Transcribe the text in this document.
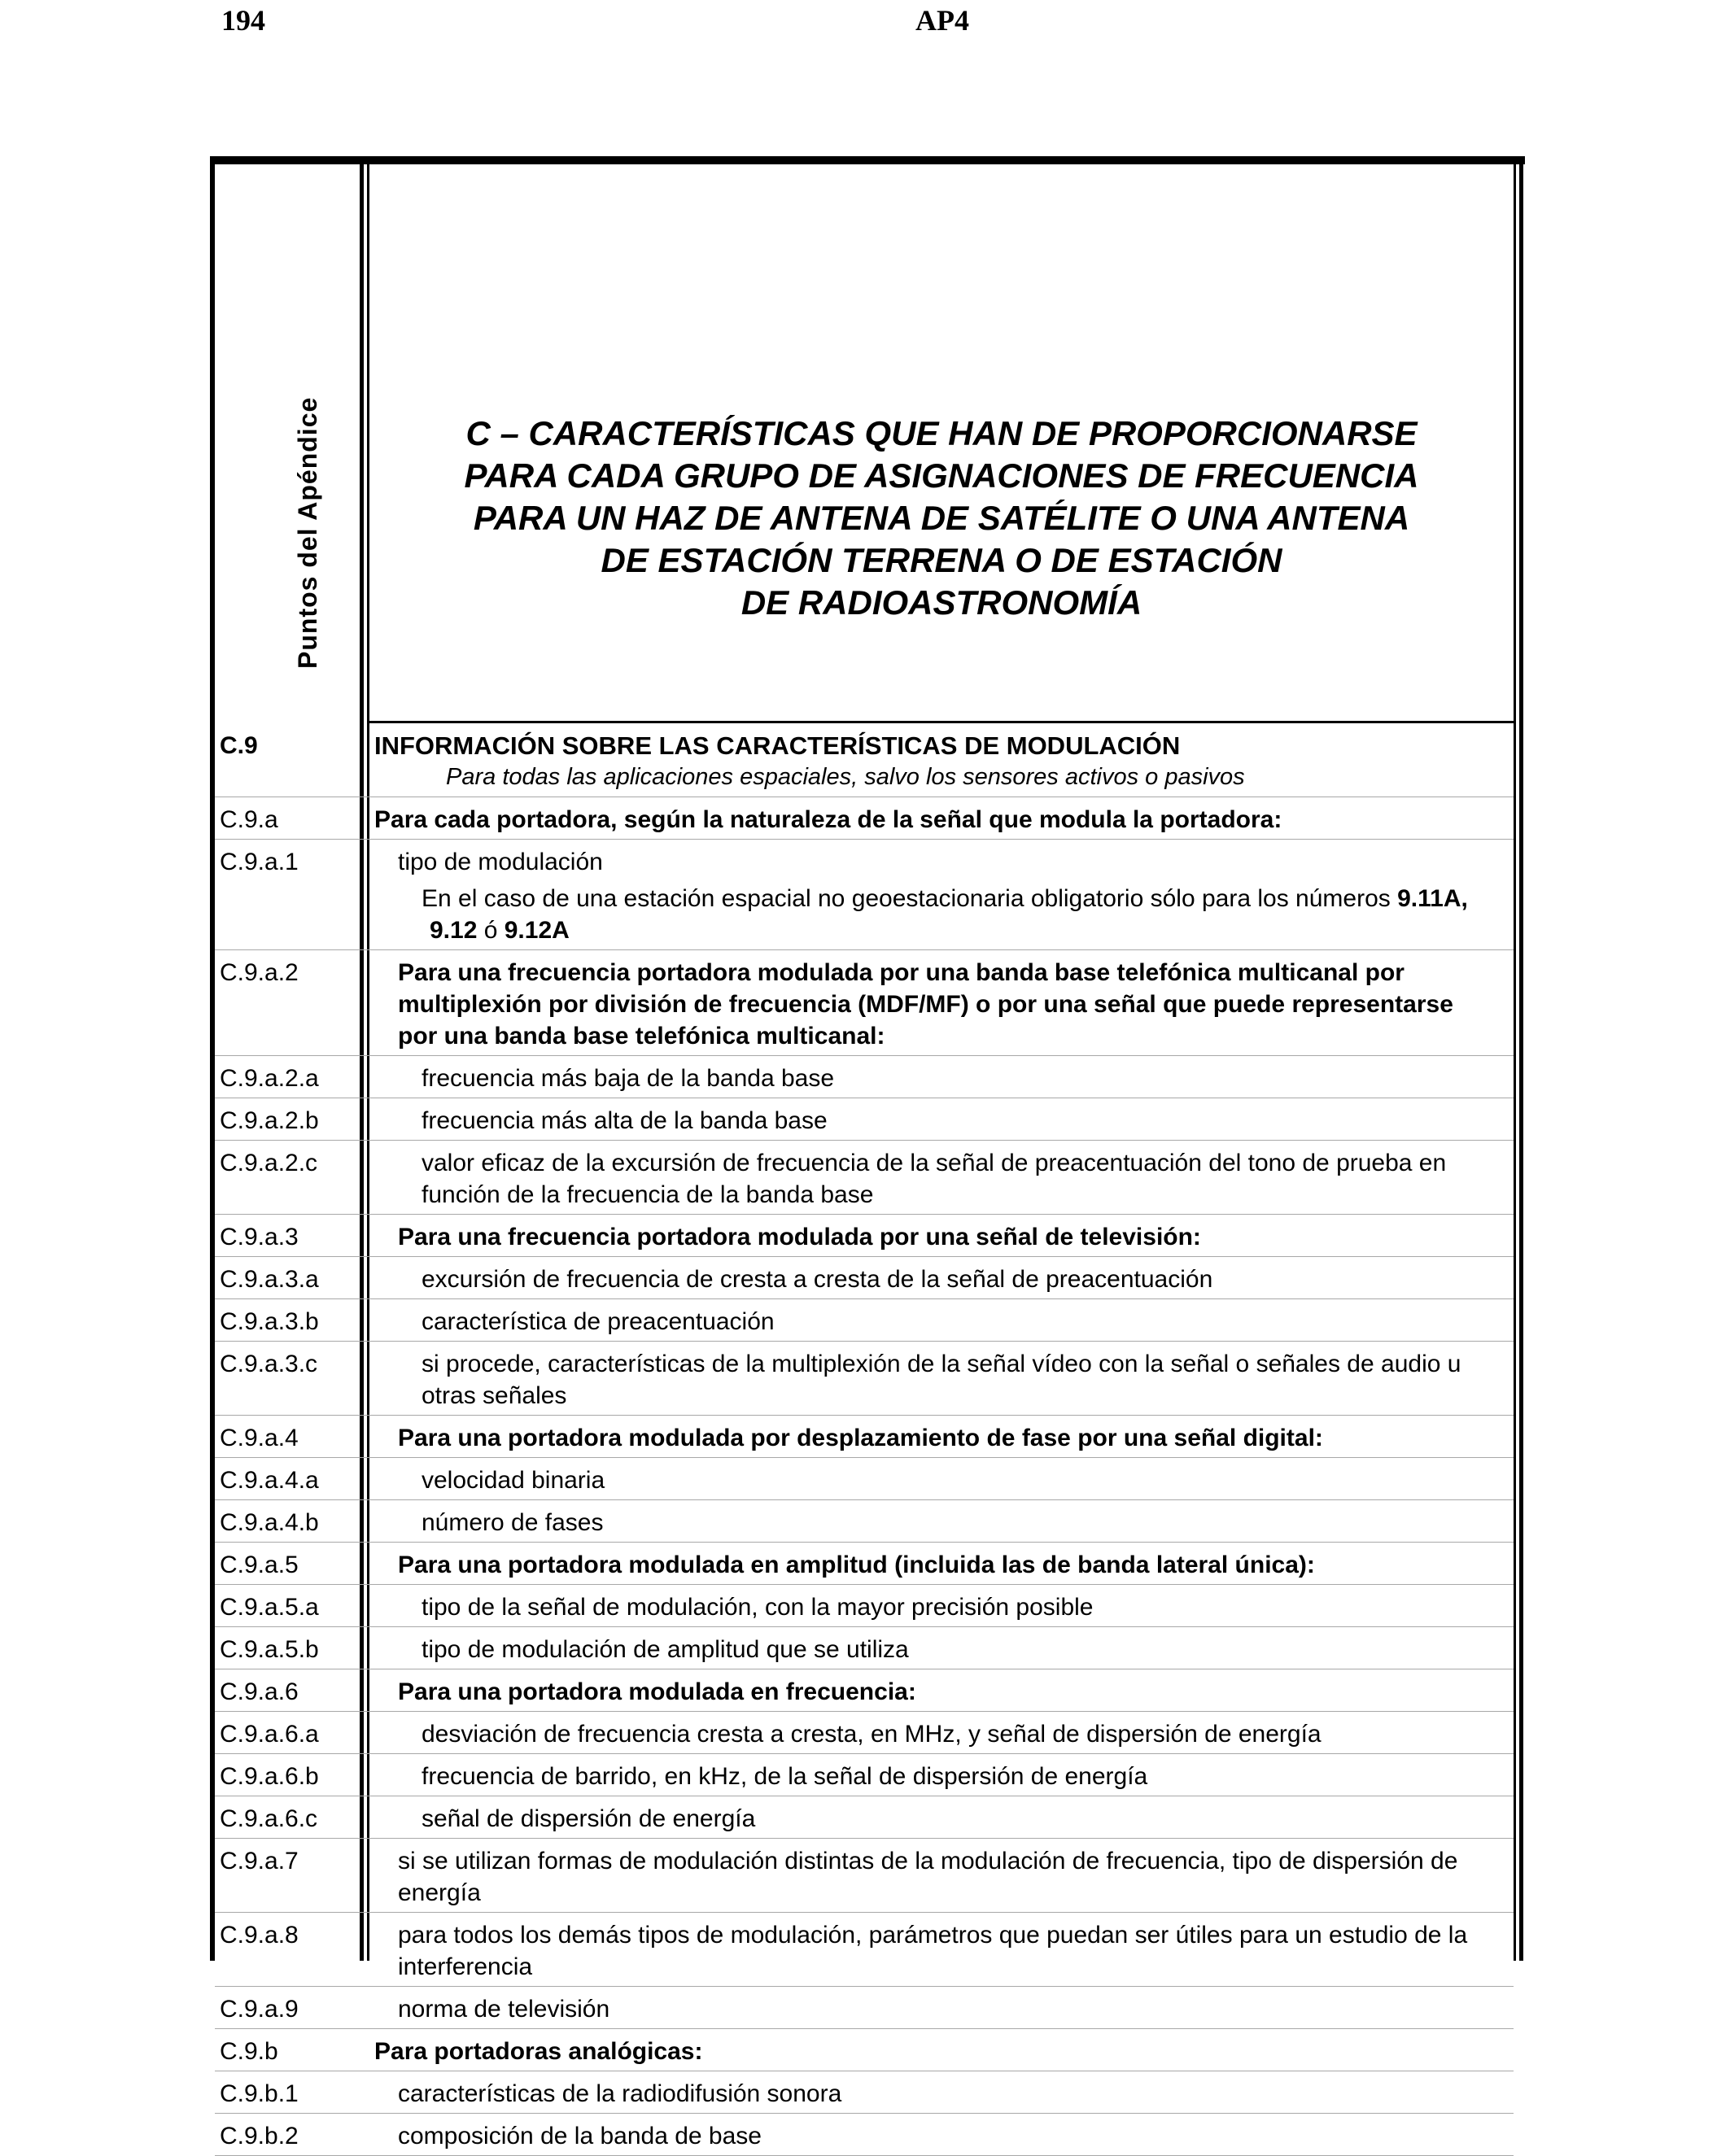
194	AP4
Puntos del Apéndice	C – CARACTERÍSTICAS QUE HAN DE PROPORCIONARSE
PARA CADA GRUPO DE ASIGNACIONES DE FRECUENCIA
PARA UN HAZ DE ANTENA DE SATÉLITE O UNA ANTENA
DE ESTACIÓN TERRENA O DE ESTACIÓN
DE RADIOASTRONOMÍA
C.9		INFORMACIÓN SOBRE LAS CARACTERÍSTICAS DE MODULACIÓN
Para todas las aplicaciones espaciales, salvo los sensores activos o pasivos

C.9.a		Para cada portadora, según la naturaleza de la señal que modula la portadora:
C.9.a.1		tipo de modulación
En el caso de una estación espacial no geoestacionaria obligatorio sólo para los números 9.11A, 9.12 ó 9.12A

C.9.a.2		Para una frecuencia portadora modulada por una banda base telefónica multicanal por multiplexión por división de frecuencia (MDF/MF) o por una señal que puede representarse por una banda base telefónica multicanal:

C.9.a.2.a		frecuencia más baja de la banda base

C.9.a.2.b		frecuencia más alta de la banda base

C.9.a.2.c		valor eficaz de la excursión de frecuencia de la señal de preacentuación del tono de prueba en función de la frecuencia de la banda base

C.9.a.3		Para una frecuencia portadora modulada por una señal de televisión:

C.9.a.3.a		excursión de frecuencia de cresta a cresta de la señal de preacentuación

C.9.a.3.b		característica de preacentuación

C.9.a.3.c		si procede, características de la multiplexión de la señal vídeo con la señal o señales de audio u otras señales

C.9.a.4		Para una portadora modulada por desplazamiento de fase por una señal digital:

C.9.a.4.a		velocidad binaria

C.9.a.4.b		número de fases

C.9.a.5		Para una portadora modulada en amplitud (incluida las de banda lateral única):

C.9.a.5.a		tipo de la señal de modulación, con la mayor precisión posible

C.9.a.5.b		tipo de modulación de amplitud que se utiliza

C.9.a.6		Para una portadora modulada en frecuencia:

C.9.a.6.a		desviación de frecuencia cresta a cresta, en MHz, y señal de dispersión de energía

C.9.a.6.b		frecuencia de barrido, en kHz, de la señal de dispersión de energía

C.9.a.6.c		señal de dispersión de energía

C.9.a.7		si se utilizan formas de modulación distintas de la modulación de frecuencia, tipo de dispersión de energía

C.9.a.8		para todos los demás tipos de modulación, parámetros que puedan ser útiles para un estudio de la interferencia

C.9.a.9		norma de televisión

C.9.b		Para portadoras analógicas:
C.9.b.1		características de la radiodifusión sonora

C.9.b.2		composición de la banda de base
